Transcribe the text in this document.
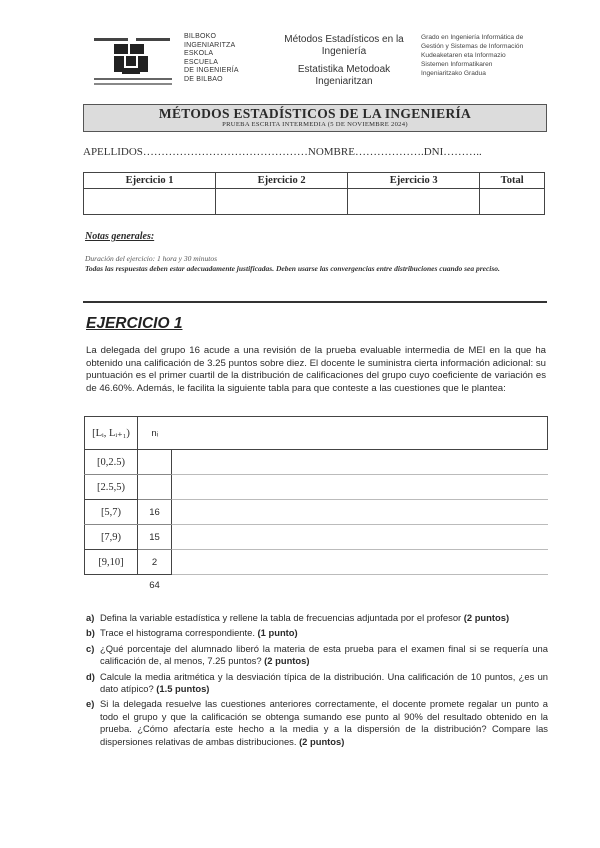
BILBOKO
INGENIARITZA
ESKOLA
ESCUELA
DE INGENIERÍA
DE BILBAO
Métodos Estadísticos en la
Ingeniería
Estatistika Metodoak
Ingeniaritzan
Grado en Ingeniería Informática de
Gestión y Sistemas de Información
Kudeaketaren eta Informazio
Sistemen Informatikaren
Ingeniaritzako Gradua
MÉTODOS ESTADÍSTICOS DE LA INGENIERÍA
PRUEBA ESCRITA INTERMEDIA (5 DE NOVIEMBRE 2024)
APELLIDOS………………………………………NOMBRE……………….DNI………..
Ejercicio 1	Ejercicio 2	Ejercicio 3	Total

Notas generales:
Duración del ejercicio: 1 hora y 30 minutos
Todas las respuestas deben estar adecuadamente justificadas. Deben usarse las convergencias entre distribuciones cuando sea preciso.
EJERCICIO 1
La delegada del grupo 16 acude a una revisión de la prueba evaluable intermedia de MEI en la que ha obtenido una calificación de 3.25 puntos sobre diez. El docente le suministra cierta información adicional: su puntuación es el primer cuartil de la distribución de calificaciones del grupo cuyo coeficiente de variación es de 46.60%. Además, le facilita la siguiente tabla para que conteste a las cuestiones que le plantea:
[Lᵢ, Lᵢ₊₁)	nᵢ	
[0,2.5)		
[2.5,5)		
[5,7)	16	
[7,9)	15	
[9,10]	2	
	64	
a) Defina la variable estadística y rellene la tabla de frecuencias adjuntada por el profesor (2 puntos)
b) Trace el histograma correspondiente. (1 punto)
c) ¿Qué porcentaje del alumnado liberó la materia de esta prueba para el examen final si se requería una calificación de, al menos, 7.25 puntos? (2 puntos)
d) Calcule la media aritmética y la desviación típica de la distribución. Una calificación de 10 puntos, ¿es un dato atípico? (1.5 puntos)
e) Si la delegada resuelve las cuestiones anteriores correctamente, el docente promete regalar un punto a todo el grupo y que la calificación se obtenga sumando ese punto al 90% del resultado obtenido en la prueba. ¿Cómo afectaría este hecho a la media y a la dispersión de la distribución? Compare las dispersiones relativas de ambas distribuciones. (2 puntos)
